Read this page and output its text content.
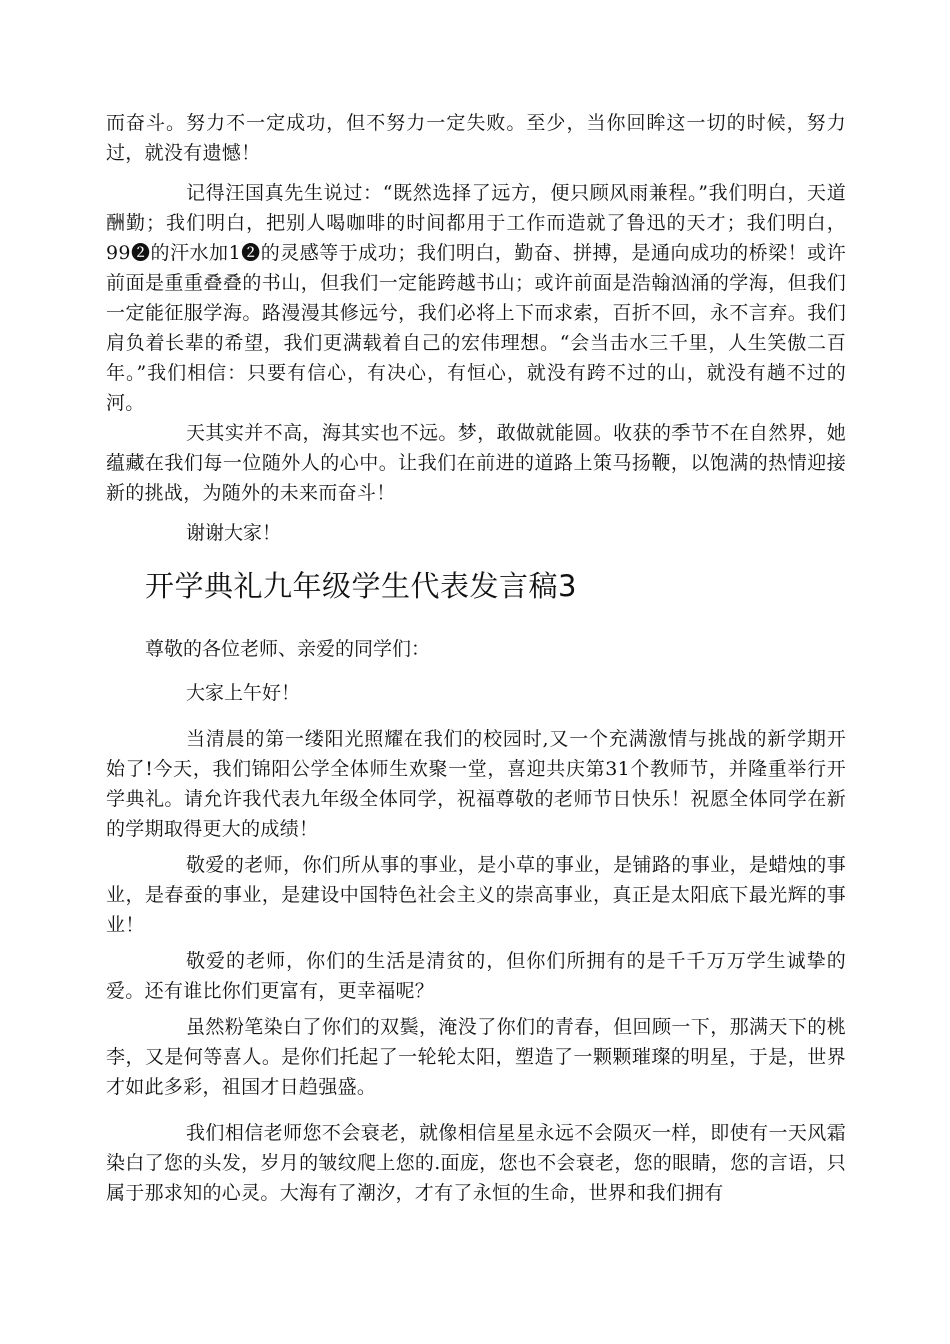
而奋斗。努力不一定成功，但不努力一定失败。至少，当你回眸这一切的时候，努力过，就没有遗憾！

记得汪国真先生说过：“既然选择了远方，便只顾风雨兼程。”我们明白，天道酬勤；我们明白，把别人喝咖啡的时间都用于工作而造就了鲁迅的天才；我们明白，99❷的汗水加1❷的灵感等于成功；我们明白，勤奋、拼搏，是通向成功的桥梁！或许前面是重重叠叠的书山，但我们一定能跨越书山；或许前面是浩翰汹涌的学海，但我们一定能征服学海。路漫漫其修远兮，我们必将上下而求索，百折不回，永不言弃。我们肩负着长辈的希望，我们更满载着自己的宏伟理想。“会当击水三千里，人生笑傲二百年。”我们相信：只要有信心，有决心，有恒心，就没有跨不过的山，就没有趟不过的河。

天其实并不高，海其实也不远。梦，敢做就能圆。收获的季节不在自然界，她蕴藏在我们每一位随外人的心中。让我们在前进的道路上策马扬鞭，以饱满的热情迎接新的挑战，为随外的未来而奋斗！

谢谢大家！

开学典礼九年级学生代表发言稿3

尊敬的各位老师、亲爱的同学们：

大家上午好！

当清晨的第一缕阳光照耀在我们的校园时,又一个充满激情与挑战的新学期开始了!今天，我们锦阳公学全体师生欢聚一堂，喜迎共庆第31个教师节，并隆重举行开学典礼。请允许我代表九年级全体同学，祝福尊敬的老师节日快乐！祝愿全体同学在新的学期取得更大的成绩！

敬爱的老师，你们所从事的事业，是小草的事业，是铺路的事业，是蜡烛的事业，是春蚕的事业，是建设中国特色社会主义的崇高事业，真正是太阳底下最光辉的事业！

敬爱的老师，你们的生活是清贫的，但你们所拥有的是千千万万学生诚挚的爱。还有谁比你们更富有，更幸福呢？

虽然粉笔染白了你们的双鬓，淹没了你们的青春，但回顾一下，那满天下的桃李，又是何等喜人。是你们托起了一轮轮太阳，塑造了一颗颗璀璨的明星，于是，世界才如此多彩，祖国才日趋强盛。

我们相信老师您不会衰老，就像相信星星永远不会陨灭一样，即使有一天风霜染白了您的头发，岁月的皱纹爬上您的.面庞，您也不会衰老，您的眼睛，您的言语，只属于那求知的心灵。大海有了潮汐，才有了永恒的生命，世界和我们拥有
